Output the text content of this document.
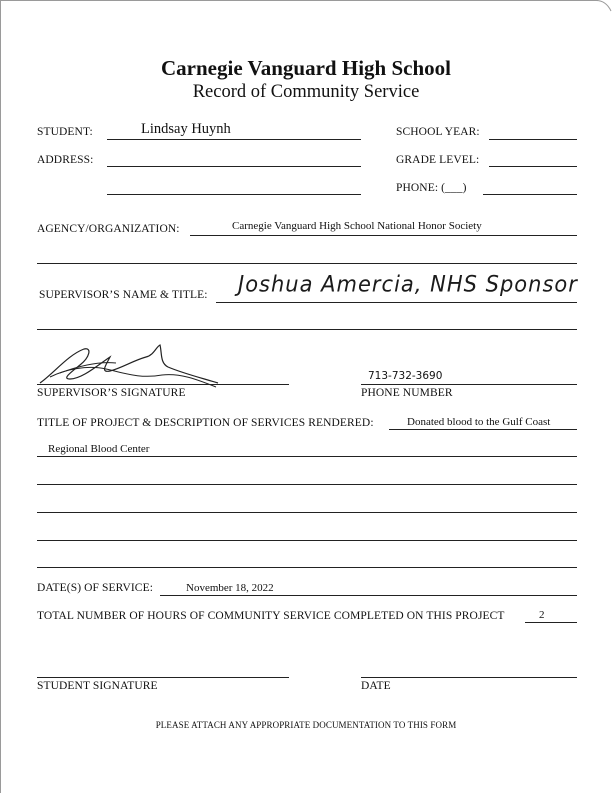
Carnegie Vanguard High School
Record of Community Service
STUDENT:	Lindsay Huynh	SCHOOL YEAR:
ADDRESS:	GRADE LEVEL:
PHONE: (___)
AGENCY/ORGANIZATION:	Carnegie Vanguard High School National Honor Society
SUPERVISOR’S NAME & TITLE: Joshua Amercia, NHS Sponsor
SUPERVISOR’S SIGNATURE
713-732-3690
PHONE NUMBER
TITLE OF PROJECT & DESCRIPTION OF SERVICES RENDERED:	Donated blood to the Gulf Coast
Regional Blood Center
DATE(S) OF SERVICE:	November 18, 2022
TOTAL NUMBER OF HOURS OF COMMUNITY SERVICE COMPLETED ON THIS PROJECT	2
STUDENT SIGNATURE	DATE
PLEASE ATTACH ANY APPROPRIATE DOCUMENTATION TO THIS FORM
